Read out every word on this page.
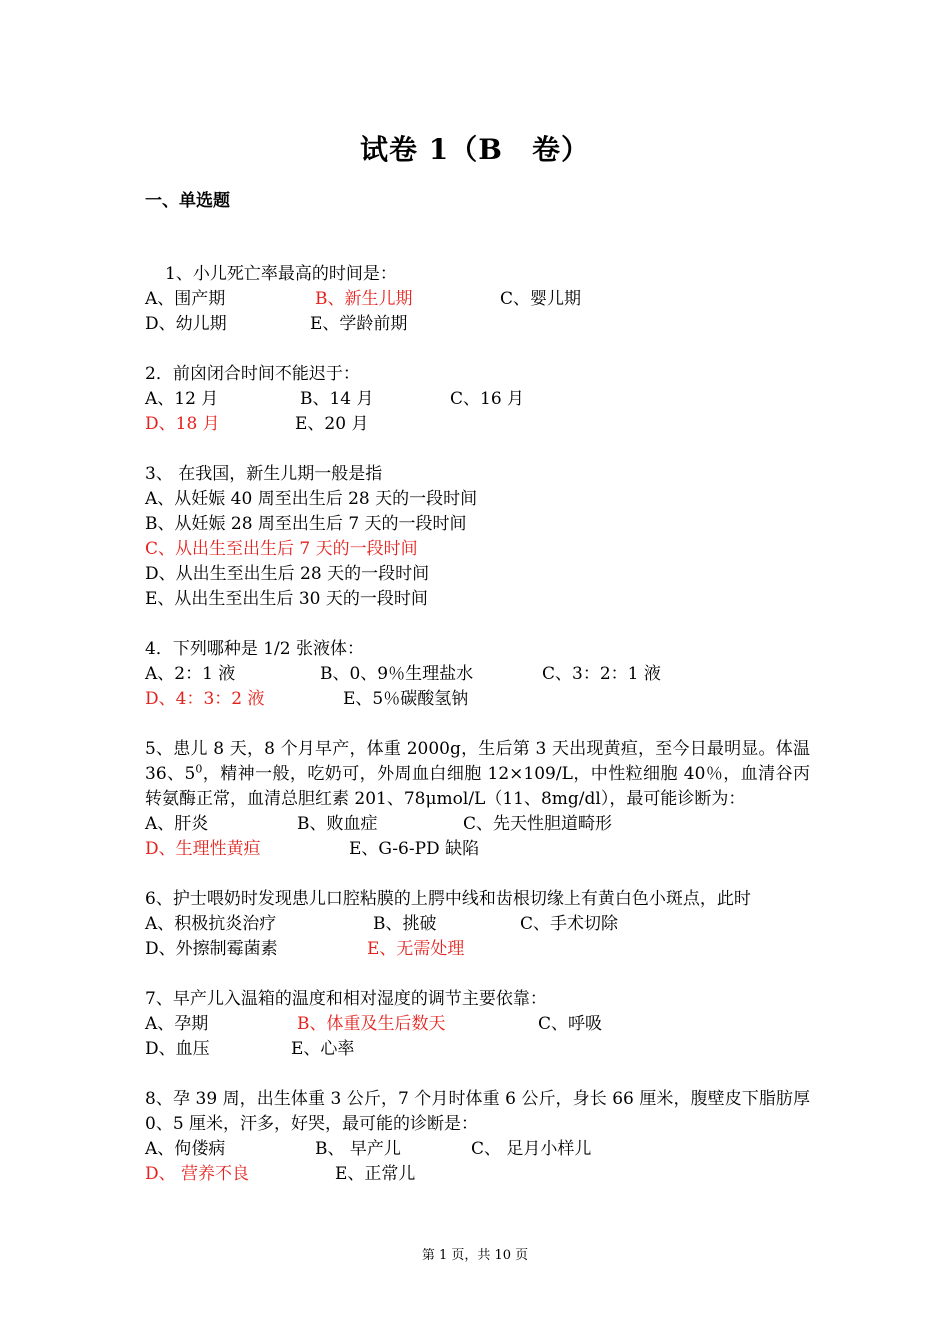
试卷 1（B　卷）
一、单选题
1、小儿死亡率最高的时间是：
A、围产期	B、新生儿期	C、婴儿期
D、幼儿期	E、学龄前期
2．前囟闭合时间不能迟于：
A、12 月	B、14 月	C、16 月
D、18 月	E、20 月
3、 在我国，新生儿期一般是指
A、从妊娠 40 周至出生后 28 天的一段时间
B、从妊娠 28 周至出生后 7 天的一段时间
C、从出生至出生后 7 天的一段时间
D、从出生至出生后 28 天的一段时间
E、从出生至出生后 30 天的一段时间
4．下列哪种是 1/2 张液体：
A、2：1 液	B、0、9％生理盐水	C、3：2：1 液
D、4：3：2 液	E、5％碳酸氢钠
5、患儿 8 天，8 个月早产，体重 2000g，生后第 3 天出现黄疸，至今日最明显。体温 36、$5^0$，精神一般，吃奶可，外周血白细胞 12×109/L，中性粒细胞 40％，血清谷丙转氨酶正常，血清总胆红素 201、78μmol/L（11、8mg/dl），最可能诊断为：
A、肝炎	B、败血症	C、先天性胆道畸形
D、生理性黄疸	E、G-6-PD 缺陷
6、护士喂奶时发现患儿口腔粘膜的上腭中线和齿根切缘上有黄白色小斑点，此时
A、积极抗炎治疗	B、挑破	C、手术切除
D、外擦制霉菌素	E、无需处理
7、早产儿入温箱的温度和相对湿度的调节主要依靠：
A、孕期	B、体重及生后数天	C、呼吸
D、血压	E、心率
8、孕 39 周，出生体重 3 公斤，7 个月时体重 6 公斤，身长 66 厘米，腹壁皮下脂肪厚 0、5 厘米，汗多，好哭，最可能的诊断是：
A、佝偻病	B、 早产儿	C、 足月小样儿
D、 营养不良	E、正常儿
第 1 页，共 10 页
